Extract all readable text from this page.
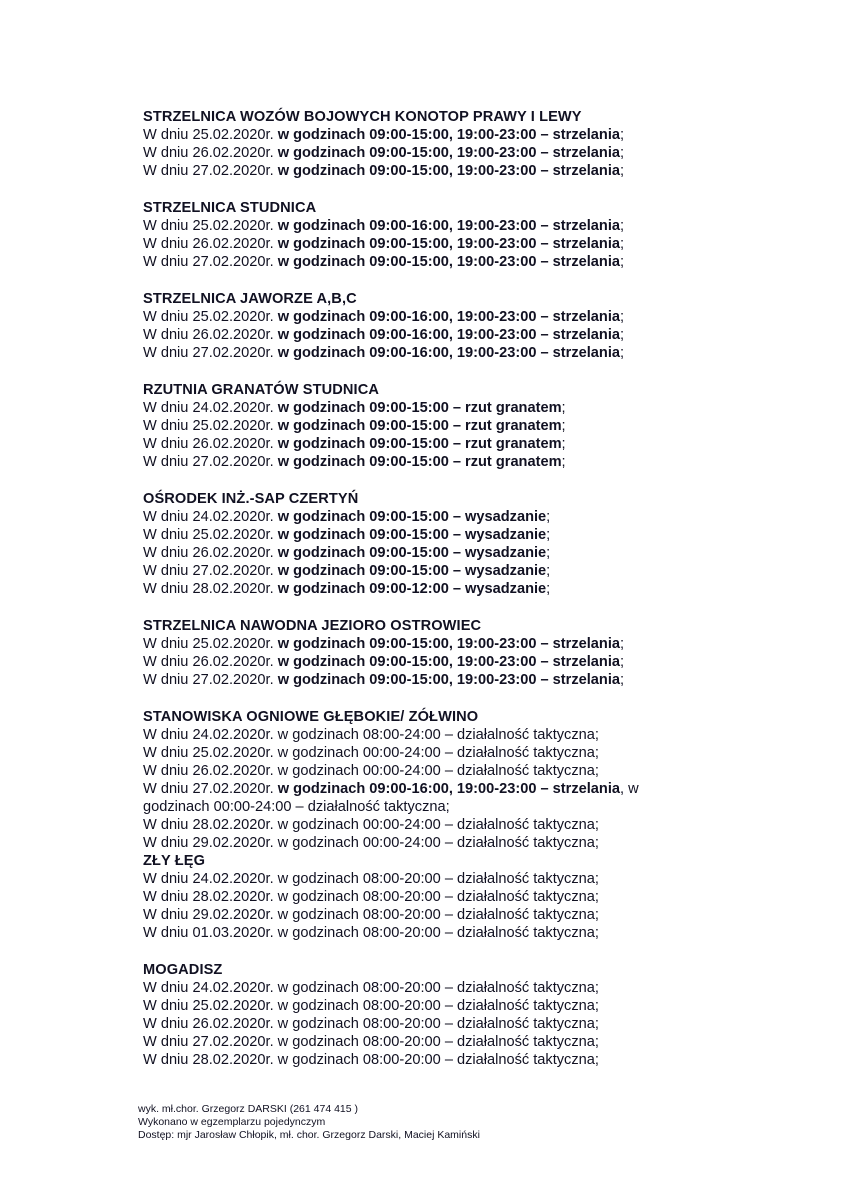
STRZELNICA WOZÓW BOJOWYCH KONOTOP PRAWY I LEWY
W dniu 25.02.2020r. w godzinach 09:00-15:00, 19:00-23:00 – strzelania;
W dniu 26.02.2020r. w godzinach 09:00-15:00, 19:00-23:00 – strzelania;
W dniu 27.02.2020r. w godzinach 09:00-15:00, 19:00-23:00 – strzelania;
STRZELNICA STUDNICA
W dniu 25.02.2020r. w godzinach 09:00-16:00, 19:00-23:00 – strzelania;
W dniu 26.02.2020r. w godzinach 09:00-15:00, 19:00-23:00 – strzelania;
W dniu 27.02.2020r. w godzinach 09:00-15:00, 19:00-23:00 – strzelania;
STRZELNICA JAWORZE A,B,C
W dniu 25.02.2020r. w godzinach 09:00-16:00, 19:00-23:00 – strzelania;
W dniu 26.02.2020r. w godzinach 09:00-16:00, 19:00-23:00 – strzelania;
W dniu 27.02.2020r. w godzinach 09:00-16:00, 19:00-23:00 – strzelania;
RZUTNIA GRANATÓW STUDNICA
W dniu 24.02.2020r. w godzinach 09:00-15:00 – rzut granatem;
W dniu 25.02.2020r. w godzinach 09:00-15:00 – rzut granatem;
W dniu 26.02.2020r. w godzinach 09:00-15:00 – rzut granatem;
W dniu 27.02.2020r. w godzinach 09:00-15:00 – rzut granatem;
OŚRODEK INŻ.-SAP CZERTYŃ
W dniu 24.02.2020r. w godzinach 09:00-15:00 – wysadzanie;
W dniu 25.02.2020r. w godzinach 09:00-15:00 – wysadzanie;
W dniu 26.02.2020r. w godzinach 09:00-15:00 – wysadzanie;
W dniu 27.02.2020r. w godzinach 09:00-15:00 – wysadzanie;
W dniu 28.02.2020r. w godzinach 09:00-12:00 – wysadzanie;
STRZELNICA NAWODNA JEZIORO OSTROWIEC
W dniu 25.02.2020r. w godzinach 09:00-15:00, 19:00-23:00 – strzelania;
W dniu 26.02.2020r. w godzinach 09:00-15:00, 19:00-23:00 – strzelania;
W dniu 27.02.2020r. w godzinach 09:00-15:00, 19:00-23:00 – strzelania;
STANOWISKA OGNIOWE GŁĘBOKIE/ ZÓŁWINO
W dniu 24.02.2020r. w godzinach 08:00-24:00 – działalność taktyczna;
W dniu 25.02.2020r. w godzinach 00:00-24:00 – działalność taktyczna;
W dniu 26.02.2020r. w godzinach 00:00-24:00 – działalność taktyczna;
W dniu 27.02.2020r. w godzinach 09:00-16:00, 19:00-23:00 – strzelania, w
godzinach 00:00-24:00 – działalność taktyczna;
W dniu 28.02.2020r. w godzinach 00:00-24:00 – działalność taktyczna;
W dniu 29.02.2020r. w godzinach 00:00-24:00 – działalność taktyczna;
ZŁY ŁĘG
W dniu 24.02.2020r. w godzinach 08:00-20:00 – działalność taktyczna;
W dniu 28.02.2020r. w godzinach 08:00-20:00 – działalność taktyczna;
W dniu 29.02.2020r. w godzinach 08:00-20:00 – działalność taktyczna;
W dniu 01.03.2020r. w godzinach 08:00-20:00 – działalność taktyczna;
MOGADISZ
W dniu 24.02.2020r. w godzinach 08:00-20:00 – działalność taktyczna;
W dniu 25.02.2020r. w godzinach 08:00-20:00 – działalność taktyczna;
W dniu 26.02.2020r. w godzinach 08:00-20:00 – działalność taktyczna;
W dniu 27.02.2020r. w godzinach 08:00-20:00 – działalność taktyczna;
W dniu 28.02.2020r. w godzinach 08:00-20:00 – działalność taktyczna;
wyk. mł.chor. Grzegorz DARSKI (261 474 415 )
Wykonano w egzemplarzu pojedynczym
Dostęp: mjr Jarosław Chłopik, mł. chor. Grzegorz Darski, Maciej Kamiński
